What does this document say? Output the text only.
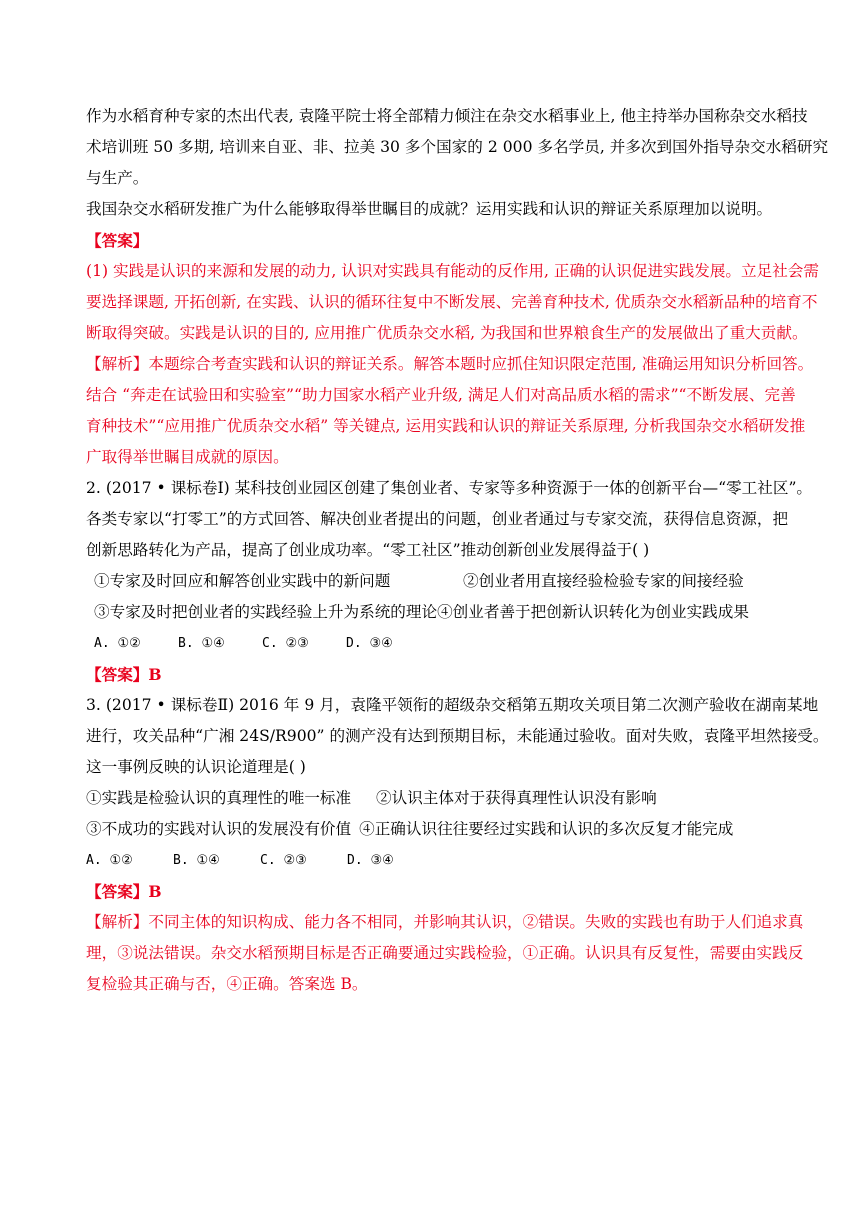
作为水稻育种专家的杰出代表, 袁隆平院士将全部精力倾注在杂交水稻事业上, 他主持举办国称杂交水稻技

术培训班 50 多期, 培训来自亚、非、拉美 30 多个国家的 2 000 多名学员, 并多次到国外指导杂交水稻研究

与生产。

我国杂交水稻研发推广为什么能够取得举世瞩目的成就？运用实践和认识的辩证关系原理加以说明。

【答案】

(1) 实践是认识的来源和发展的动力, 认识对实践具有能动的反作用, 正确的认识促进实践发展。立足社会需

要选择课题, 开拓创新, 在实践、认识的循环往复中不断发展、完善育种技术, 优质杂交水稻新品种的培育不

断取得突破。实践是认识的目的, 应用推广优质杂交水稻, 为我国和世界粮食生产的发展做出了重大贡献。

【解析】本题综合考查实践和认识的辩证关系。解答本题时应抓住知识限定范围, 准确运用知识分析回答。

结合 “奔走在试验田和实验室”“助力国家水稻产业升级, 满足人们对高品质水稻的需求”“不断发展、完善

育种技术”“应用推广优质杂交水稻” 等关键点, 运用实践和认识的辩证关系原理, 分析我国杂交水稻研发推

广取得举世瞩目成就的原因。

2. (2017 • 课标卷Ⅰ) 某科技创业园区创建了集创业者、专家等多种资源于一体的创新平台—“零工社区”。

各类专家以“打零工”的方式回答、解决创业者提出的问题，创业者通过与专家交流，获得信息资源，把

创新思路转化为产品，提高了创业成功率。“零工社区”推动创新创业发展得益于( )

①专家及时回应和解答创业实践中的新问题	②创业者用直接经验检验专家的间接经验
③专家及时把创业者的实践经验上升为系统的理论 ④创业者善于把创新认识转化为创业实践成果
A. ①②	B. ①④	C. ②③	D. ③④

【答案】B

3. (2017 • 课标卷Ⅱ) 2016 年 9 月，袁隆平领衔的超级杂交稻第五期攻关项目第二次测产验收在湖南某地

进行，攻关品种“广湘 24S/R900” 的测产没有达到预期目标，未能通过验收。面对失败，袁隆平坦然接受。

这一事例反映的认识论道理是( )

①实践是检验认识的真理性的唯一标准	②认识主体对于获得真理性认识没有影响
③不成功的实践对认识的发展没有价值 ④正确认识往往要经过实践和认识的多次反复才能完成
A. ①②	B. ①④	C. ②③	D. ③④

【答案】B

【解析】不同主体的知识构成、能力各不相同，并影响其认识，②错误。失败的实践也有助于人们追求真

理，③说法错误。杂交水稻预期目标是否正确要通过实践检验，①正确。认识具有反复性，需要由实践反

复检验其正确与否，④正确。答案选 B。
